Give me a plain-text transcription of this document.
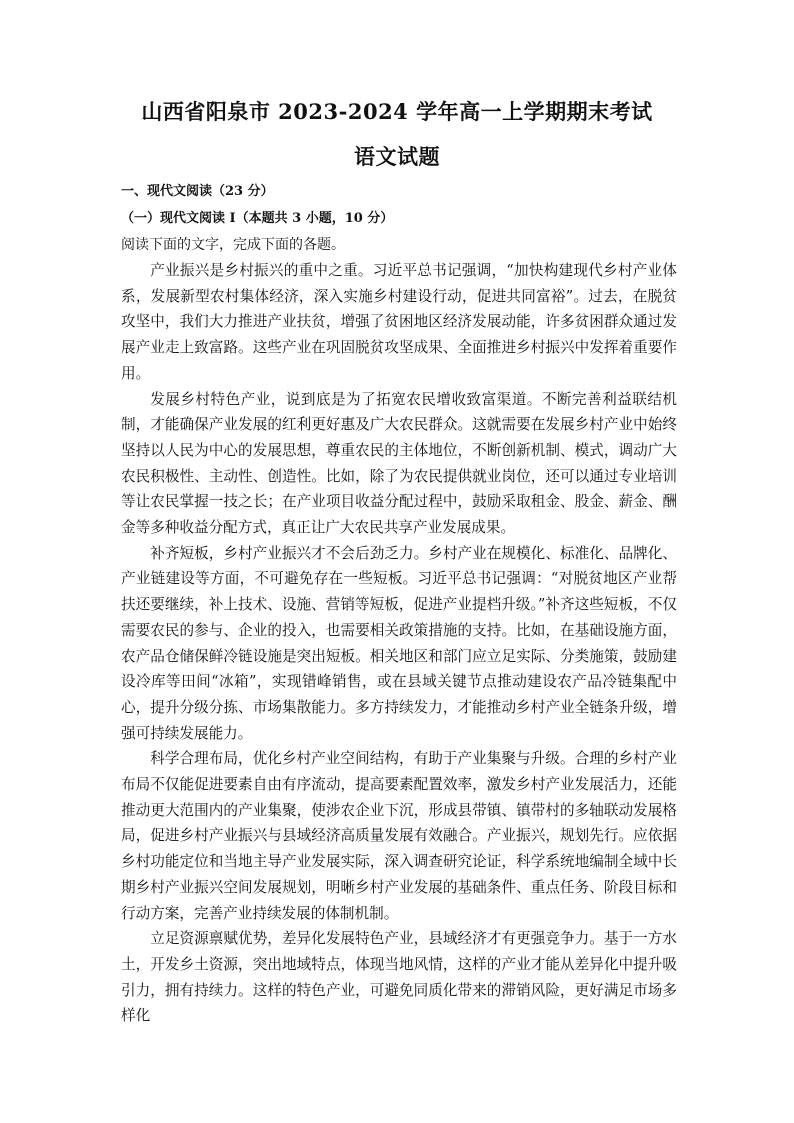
山西省阳泉市 2023-2024 学年高一上学期期末考试
语文试题
一、现代文阅读（23 分）
（一）现代文阅读 I（本题共 3 小题，10 分）
阅读下面的文字，完成下面的各题。

产业振兴是乡村振兴的重中之重。习近平总书记强调，“加快构建现代乡村产业体系，发展新型农村集体经济，深入实施乡村建设行动，促进共同富裕”。过去，在脱贫攻坚中，我们大力推进产业扶贫，增强了贫困地区经济发展动能，许多贫困群众通过发展产业走上致富路。这些产业在巩固脱贫攻坚成果、全面推进乡村振兴中发挥着重要作用。

发展乡村特色产业，说到底是为了拓宽农民增收致富渠道。不断完善利益联结机制，才能确保产业发展的红利更好惠及广大农民群众。这就需要在发展乡村产业中始终坚持以人民为中心的发展思想，尊重农民的主体地位，不断创新机制、模式，调动广大农民积极性、主动性、创造性。比如，除了为农民提供就业岗位，还可以通过专业培训等让农民掌握一技之长；在产业项目收益分配过程中，鼓励采取租金、股金、薪金、酬金等多种收益分配方式，真正让广大农民共享产业发展成果。

补齐短板，乡村产业振兴才不会后劲乏力。乡村产业在规模化、标准化、品牌化、产业链建设等方面，不可避免存在一些短板。习近平总书记强调：“对脱贫地区产业帮扶还要继续，补上技术、设施、营销等短板，促进产业提档升级。”补齐这些短板，不仅需要农民的参与、企业的投入，也需要相关政策措施的支持。比如，在基础设施方面，农产品仓储保鲜冷链设施是突出短板。相关地区和部门应立足实际、分类施策，鼓励建设冷库等田间“冰箱”，实现错峰销售，或在县域关键节点推动建设农产品冷链集配中心，提升分级分拣、市场集散能力。多方持续发力，才能推动乡村产业全链条升级，增强可持续发展能力。

科学合理布局，优化乡村产业空间结构，有助于产业集聚与升级。合理的乡村产业布局不仅能促进要素自由有序流动，提高要素配置效率，激发乡村产业发展活力，还能推动更大范围内的产业集聚，使涉农企业下沉，形成县带镇、镇带村的多轴联动发展格局，促进乡村产业振兴与县域经济高质量发展有效融合。产业振兴，规划先行。应依据乡村功能定位和当地主导产业发展实际，深入调查研究论证，科学系统地编制全域中长期乡村产业振兴空间发展规划，明晰乡村产业发展的基础条件、重点任务、阶段目标和行动方案，完善产业持续发展的体制机制。

立足资源禀赋优势，差异化发展特色产业，县域经济才有更强竞争力。基于一方水土，开发乡土资源，突出地域特点，体现当地风情，这样的产业才能从差异化中提升吸引力，拥有持续力。这样的特色产业，可避免同质化带来的滞销风险，更好满足市场多样化
